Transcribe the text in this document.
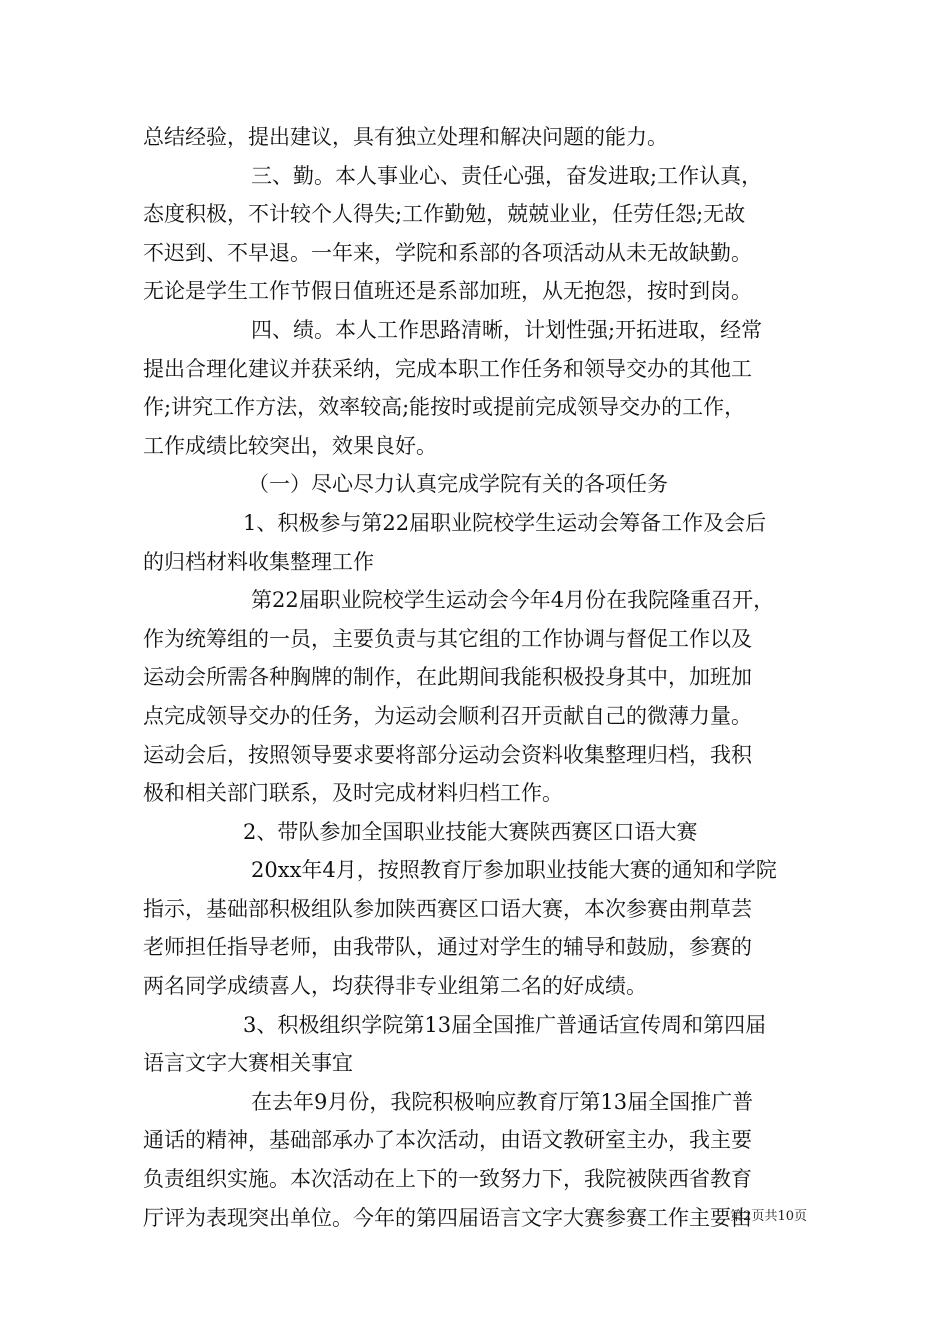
总结经验，提出建议，具有独立处理和解决问题的能力。
三、勤。本人事业心、责任心强，奋发进取;工作认真，
态度积极，不计较个人得失;工作勤勉，兢兢业业，任劳任怨;无故
不迟到、不早退。一年来，学院和系部的各项活动从未无故缺勤。
无论是学生工作节假日值班还是系部加班，从无抱怨，按时到岗。
四、绩。本人工作思路清晰，计划性强;开拓进取，经常
提出合理化建议并获采纳，完成本职工作任务和领导交办的其他工
作;讲究工作方法，效率较高;能按时或提前完成领导交办的工作，
工作成绩比较突出，效果良好。
（一）尽心尽力认真完成学院有关的各项任务
1、积极参与第22届职业院校学生运动会筹备工作及会后
的归档材料收集整理工作
第22届职业院校学生运动会今年4月份在我院隆重召开，
作为统筹组的一员，主要负责与其它组的工作协调与督促工作以及
运动会所需各种胸牌的制作，在此期间我能积极投身其中，加班加
点完成领导交办的任务，为运动会顺利召开贡献自己的微薄力量。
运动会后，按照领导要求要将部分运动会资料收集整理归档，我积
极和相关部门联系，及时完成材料归档工作。
2、带队参加全国职业技能大赛陕西赛区口语大赛
20xx年4月，按照教育厅参加职业技能大赛的通知和学院
指示，基础部积极组队参加陕西赛区口语大赛，本次参赛由荆草芸
老师担任指导老师，由我带队，通过对学生的辅导和鼓励，参赛的
两名同学成绩喜人，均获得非专业组第二名的好成绩。
3、积极组织学院第13届全国推广普通话宣传周和第四届
语言文字大赛相关事宜
在去年9月份，我院积极响应教育厅第13届全国推广普
通话的精神，基础部承办了本次活动，由语文教研室主办，我主要
负责组织实施。本次活动在上下的一致努力下，我院被陕西省教育
厅评为表现突出单位。今年的第四届语言文字大赛参赛工作主要由
第2页共10页
